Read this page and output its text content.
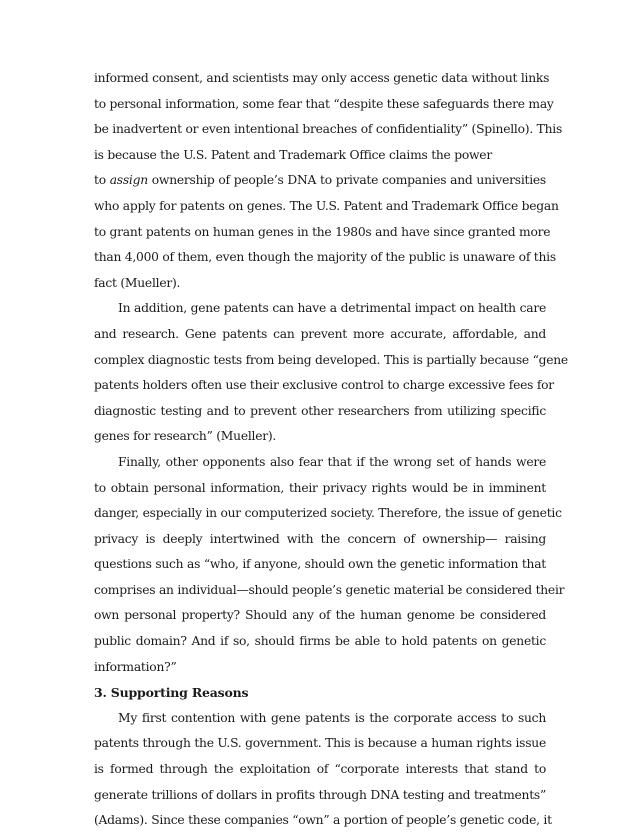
informed consent, and scientists may only access genetic data without links
to personal information, some fear that “despite these safeguards there may
be inadvertent or even intentional breaches of confidentiality” (Spinello). This
is because the U.S. Patent and Trademark Office claims the power
to assign ownership of people’s DNA to private companies and universities
who apply for patents on genes. The U.S. Patent and Trademark Office began
to grant patents on human genes in the 1980s and have since granted more
than 4,000 of them, even though the majority of the public is unaware of this
fact (Mueller).
In addition, gene patents can have a detrimental impact on health care
and research. Gene patents can prevent more accurate, affordable, and
complex diagnostic tests from being developed. This is partially because “gene
patents holders often use their exclusive control to charge excessive fees for
diagnostic testing and to prevent other researchers from utilizing specific
genes for research” (Mueller).
Finally, other opponents also fear that if the wrong set of hands were
to obtain personal information, their privacy rights would be in imminent
danger, especially in our computerized society. Therefore, the issue of genetic
privacy is deeply intertwined with the concern of ownership— raising
questions such as “who, if anyone, should own the genetic information that
comprises an individual—should people’s genetic material be considered their
own personal property? Should any of the human genome be considered
public domain? And if so, should firms be able to hold patents on genetic
information?”
3. Supporting Reasons
My first contention with gene patents is the corporate access to such
patents through the U.S. government. This is because a human rights issue
is formed through the exploitation of “corporate interests that stand to
generate trillions of dollars in profits through DNA testing and treatments”
(Adams). Since these companies “own” a portion of people’s genetic code, it
